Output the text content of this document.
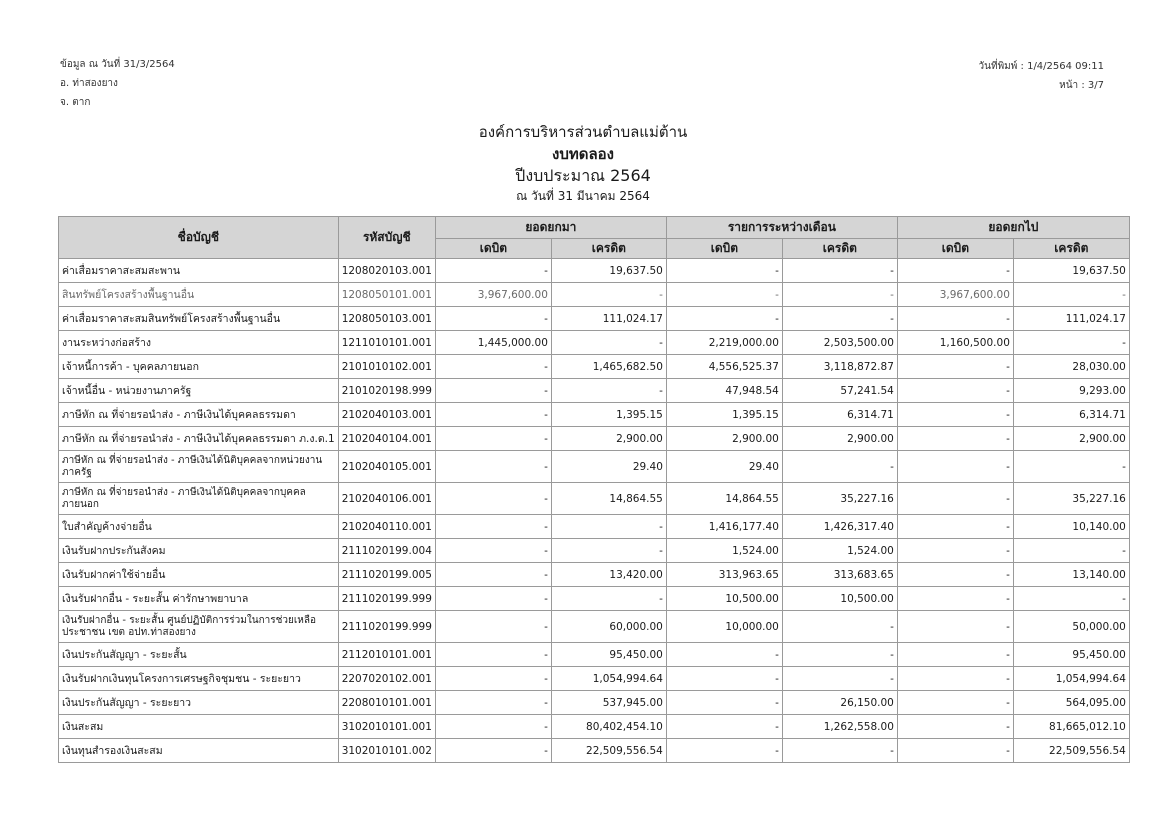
ข้อมูล ณ วันที่ 31/3/2564
อ. ท่าสองยาง
จ. ตาก
วันที่พิมพ์ : 1/4/2564 09:11
หน้า : 3/7
องค์การบริหารส่วนตำบลแม่ต้าน
งบทดลอง
ปีงบประมาณ 2564
ณ วันที่ 31 มีนาคม 2564
ชื่อบัญชี	รหัสบัญชี	ยอดยกมา		รายการระหว่างเดือน		ยอดยกไป	
		เดบิต	เครดิต	เดบิต	เครดิต	เดบิต	เครดิต
ค่าเสื่อมราคาสะสมสะพาน	1208020103.001	-	19,637.50	-	-	-	19,637.50
สินทรัพย์โครงสร้างพื้นฐานอื่น	1208050101.001	3,967,600.00	-	-	-	3,967,600.00	-
ค่าเสื่อมราคาสะสมสินทรัพย์โครงสร้างพื้นฐานอื่น	1208050103.001	-	111,024.17	-	-	-	111,024.17
งานระหว่างก่อสร้าง	1211010101.001	1,445,000.00	-	2,219,000.00	2,503,500.00	1,160,500.00	-
เจ้าหนี้การค้า - บุคคลภายนอก	2101010102.001	-	1,465,682.50	4,556,525.37	3,118,872.87	-	28,030.00
เจ้าหนี้อื่น - หน่วยงานภาครัฐ	2101020198.999	-	-	47,948.54	57,241.54	-	9,293.00
ภาษีหัก ณ ที่จ่ายรอนำส่ง - ภาษีเงินได้บุคคลธรรมดา	2102040103.001	-	1,395.15	1,395.15	6,314.71	-	6,314.71
ภาษีหัก ณ ที่จ่ายรอนำส่ง - ภาษีเงินได้บุคคลธรรมดา ภ.ง.ด.1	2102040104.001	-	2,900.00	2,900.00	2,900.00	-	2,900.00
ภาษีหัก ณ ที่จ่ายรอนำส่ง - ภาษีเงินได้นิติบุคคลจากหน่วยงานภาครัฐ	2102040105.001	-	29.40	29.40	-	-	-
ภาษีหัก ณ ที่จ่ายรอนำส่ง - ภาษีเงินได้นิติบุคคลจากบุคคลภายนอก	2102040106.001	-	14,864.55	14,864.55	35,227.16	-	35,227.16
ใบสำคัญค้างจ่ายอื่น	2102040110.001	-	-	1,416,177.40	1,426,317.40	-	10,140.00
เงินรับฝากประกันสังคม	2111020199.004	-	-	1,524.00	1,524.00	-	-
เงินรับฝากค่าใช้จ่ายอื่น	2111020199.005	-	13,420.00	313,963.65	313,683.65	-	13,140.00
เงินรับฝากอื่น - ระยะสั้น ค่ารักษาพยาบาล	2111020199.999	-	-	10,500.00	10,500.00	-	-
เงินรับฝากอื่น - ระยะสั้น ศูนย์ปฏิบัติการร่วมในการช่วยเหลือประชาชน เขต อปท.ท่าสองยาง	2111020199.999	-	60,000.00	10,000.00	-	-	50,000.00
เงินประกันสัญญา - ระยะสั้น	2112010101.001	-	95,450.00	-	-	-	95,450.00
เงินรับฝากเงินทุนโครงการเศรษฐกิจชุมชน - ระยะยาว	2207020102.001	-	1,054,994.64	-	-	-	1,054,994.64
เงินประกันสัญญา - ระยะยาว	2208010101.001	-	537,945.00	-	26,150.00	-	564,095.00
เงินสะสม	3102010101.001	-	80,402,454.10	-	1,262,558.00	-	81,665,012.10
เงินทุนสำรองเงินสะสม	3102010101.002	-	22,509,556.54	-	-	-	22,509,556.54
